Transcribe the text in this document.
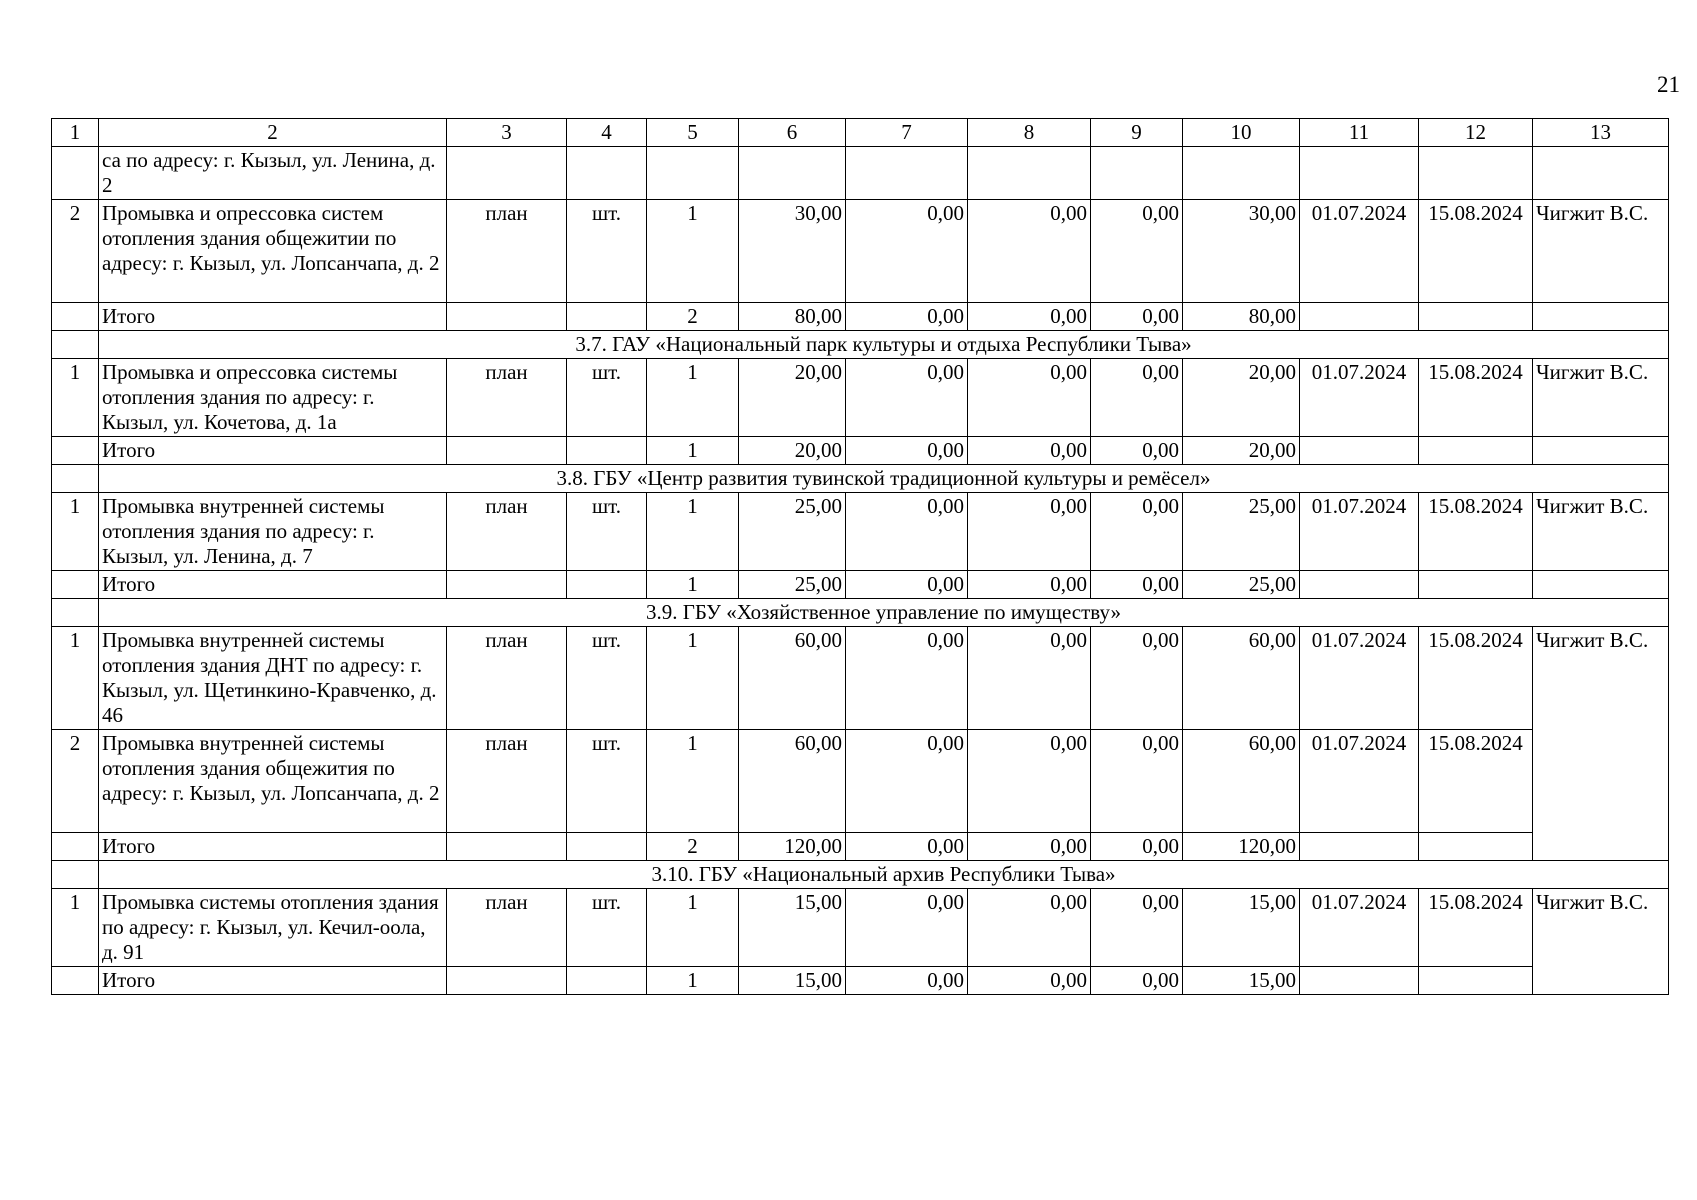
21
1	2	3	4	5	6	7	8	9	10	11	12	13
	са по адресу: г. Кызыл, ул. Ленина, д. 2											
2	Промывка и опрессовка систем отопления здания общежитии по адресу: г. Кызыл, ул. Лопсанчапа, д. 2	план	шт.	1	30,00	0,00	0,00	0,00	30,00	01.07.2024	15.08.2024	Чигжит В.С.
	Итого			2	80,00	0,00	0,00	0,00	80,00			
	3.7. ГАУ «Национальный парк культуры и отдыха Республики Тыва»											
1	Промывка и опрессовка системы отопления здания по адресу: г. Кызыл, ул. Кочетова, д. 1а	план	шт.	1	20,00	0,00	0,00	0,00	20,00	01.07.2024	15.08.2024	Чигжит В.С.
	Итого			1	20,00	0,00	0,00	0,00	20,00			
	3.8. ГБУ «Центр развития тувинской традиционной культуры и ремёсел»											
1	Промывка внутренней системы отопления здания по адресу: г. Кызыл, ул. Ленина, д. 7	план	шт.	1	25,00	0,00	0,00	0,00	25,00	01.07.2024	15.08.2024	Чигжит В.С.
	Итого			1	25,00	0,00	0,00	0,00	25,00			
	3.9. ГБУ «Хозяйственное управление по имуществу»											
1	Промывка внутренней системы отопления здания ДНТ по адресу: г. Кызыл, ул. Щетинкино-Кравченко, д. 46	план	шт.	1	60,00	0,00	0,00	0,00	60,00	01.07.2024	15.08.2024	Чигжит В.С.
2	Промывка внутренней системы отопления здания общежития по адресу: г. Кызыл, ул. Лопсанчапа, д. 2	план	шт.	1	60,00	0,00	0,00	0,00	60,00	01.07.2024	15.08.2024	
	Итого			2	120,00	0,00	0,00	0,00	120,00			
	3.10. ГБУ «Национальный архив Республики Тыва»											
1	Промывка системы отопления здания по адресу: г. Кызыл, ул. Кечил-оола, д. 91	план	шт.	1	15,00	0,00	0,00	0,00	15,00	01.07.2024	15.08.2024	Чигжит В.С.
	Итого			1	15,00	0,00	0,00	0,00	15,00			
